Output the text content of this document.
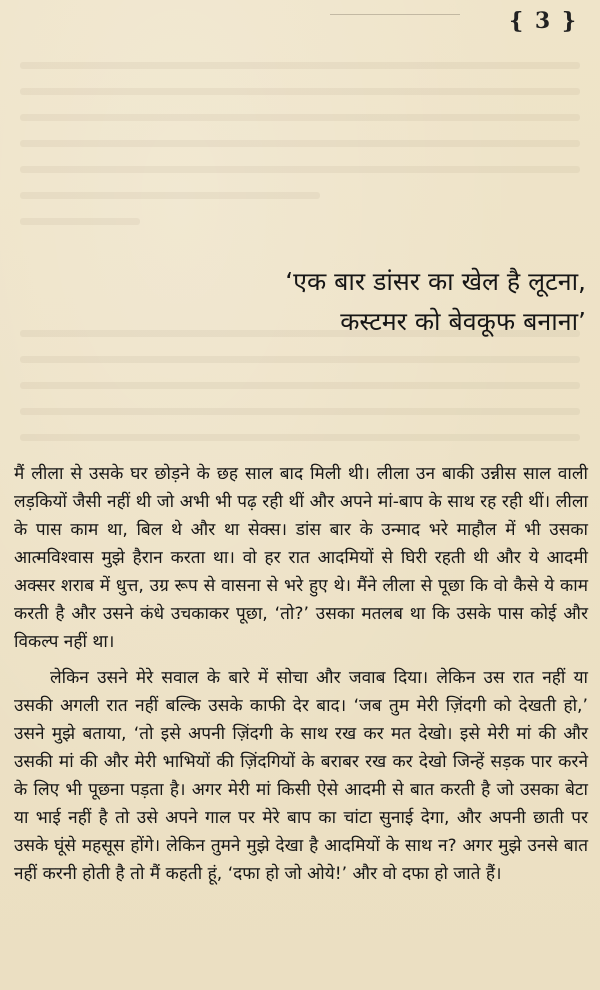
{ 3 }
‘एक बार डांसर का खेल है लूटना,
कस्टमर को बेवकूफ बनाना’

मैं लीला से उसके घर छोड़ने के छह साल बाद मिली थी। लीला उन बाकी उन्नीस साल वाली लड़कियों जैसी नहीं थी जो अभी भी पढ़ रही थीं और अपने मां-बाप के साथ रह रही थीं। लीला के पास काम था, बिल थे और था सेक्स। डांस बार के उन्माद भरे माहौल में भी उसका आत्मविश्वास मुझे हैरान करता था। वो हर रात आदमियों से घिरी रहती थी और ये आदमी अक्सर शराब में धुत्त, उग्र रूप से वासना से भरे हुए थे। मैंने लीला से पूछा कि वो कैसे ये काम करती है और उसने कंधे उचकाकर पूछा, ‘तो?’ उसका मतलब था कि उसके पास कोई और विकल्प नहीं था।

लेकिन उसने मेरे सवाल के बारे में सोचा और जवाब दिया। लेकिन उस रात नहीं या उसकी अगली रात नहीं बल्कि उसके काफी देर बाद। ‘जब तुम मेरी ज़िंदगी को देखती हो,’ उसने मुझे बताया, ‘तो इसे अपनी ज़िंदगी के साथ रख कर मत देखो। इसे मेरी मां की और उसकी मां की और मेरी भाभियों की ज़िंदगियों के बराबर रख कर देखो जिन्हें सड़क पार करने के लिए भी पूछना पड़ता है। अगर मेरी मां किसी ऐसे आदमी से बात करती है जो उसका बेटा या भाई नहीं है तो उसे अपने गाल पर मेरे बाप का चांटा सुनाई देगा, और अपनी छाती पर उसके घूंसे महसूस होंगे। लेकिन तुमने मुझे देखा है आदमियों के साथ न? अगर मुझे उनसे बात नहीं करनी होती है तो मैं कहती हूं, ‘दफा हो जो ओये!’ और वो दफा हो जाते हैं।
